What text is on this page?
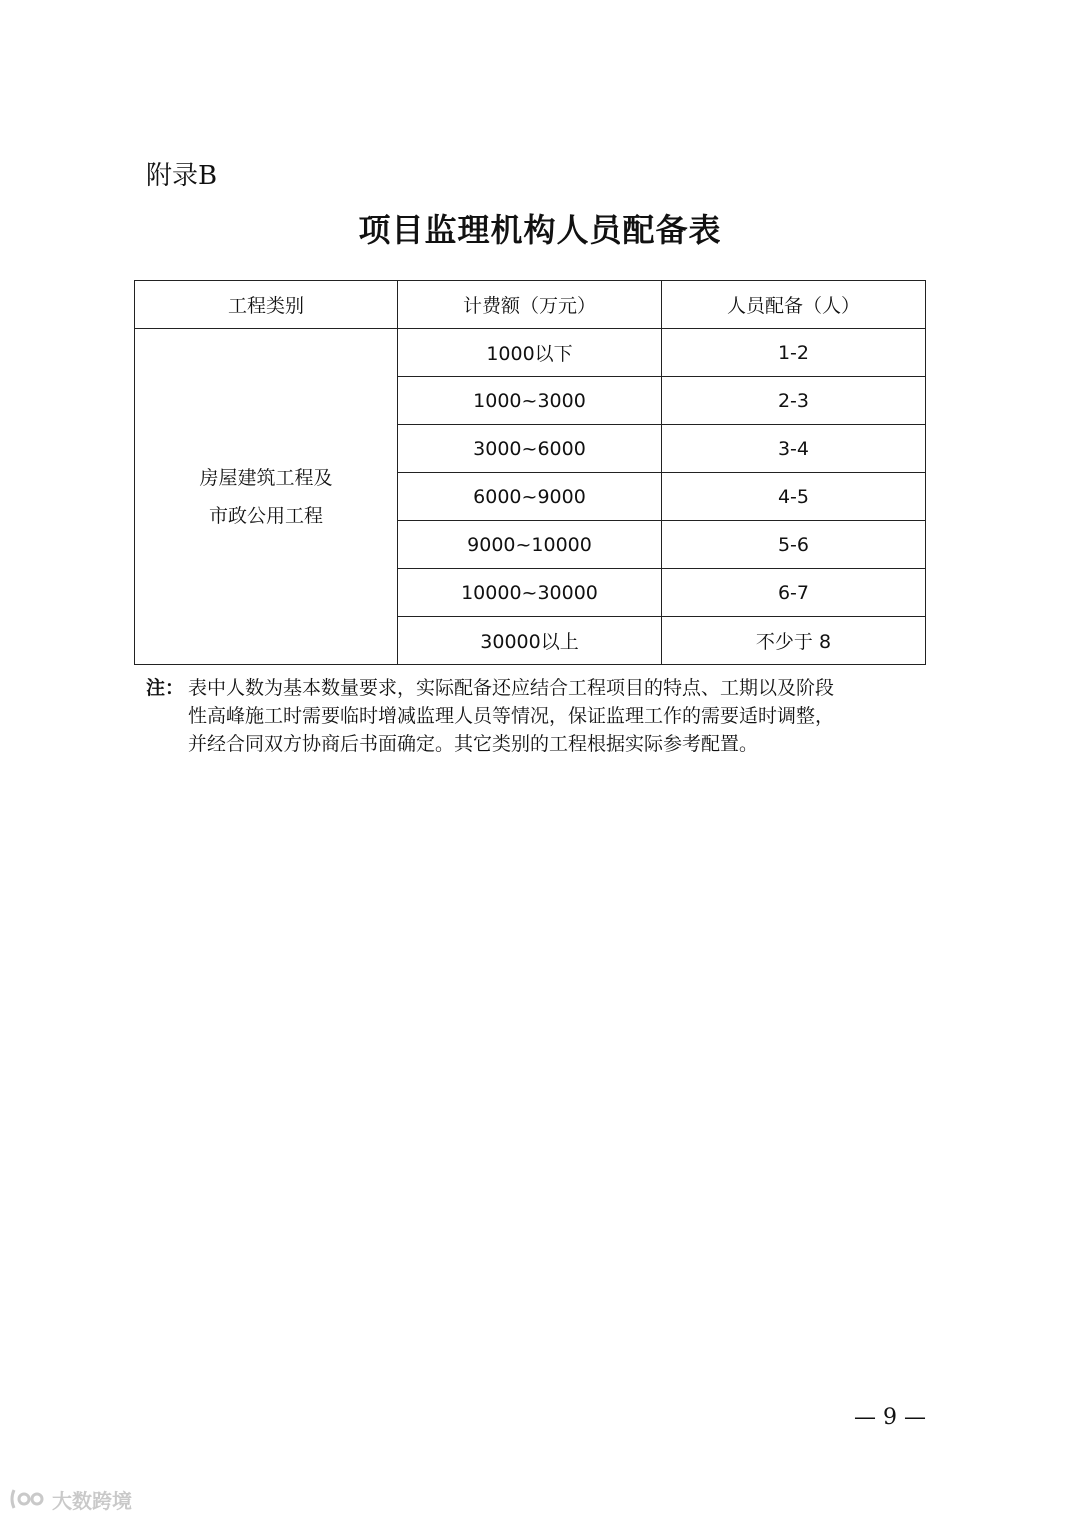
附录B
项目监理机构人员配备表
工程类别	计费额（万元）	人员配备（人）

房屋建筑工程及
市政公用工程	1000以下	1-2
	1000~3000	2-3
	3000~6000	3-4
	6000~9000	4-5
	9000~10000	5-6
	10000~30000	6-7
	30000以上	不少于 8
注： 表中人数为基本数量要求，实际配备还应结合工程项目的特点、工期以及阶段
性高峰施工时需要临时增减监理人员等情况，保证监理工作的需要适时调整，
并经合同双方协商后书面确定。其它类别的工程根据实际参考配置。
— 9 —
大数跨境
